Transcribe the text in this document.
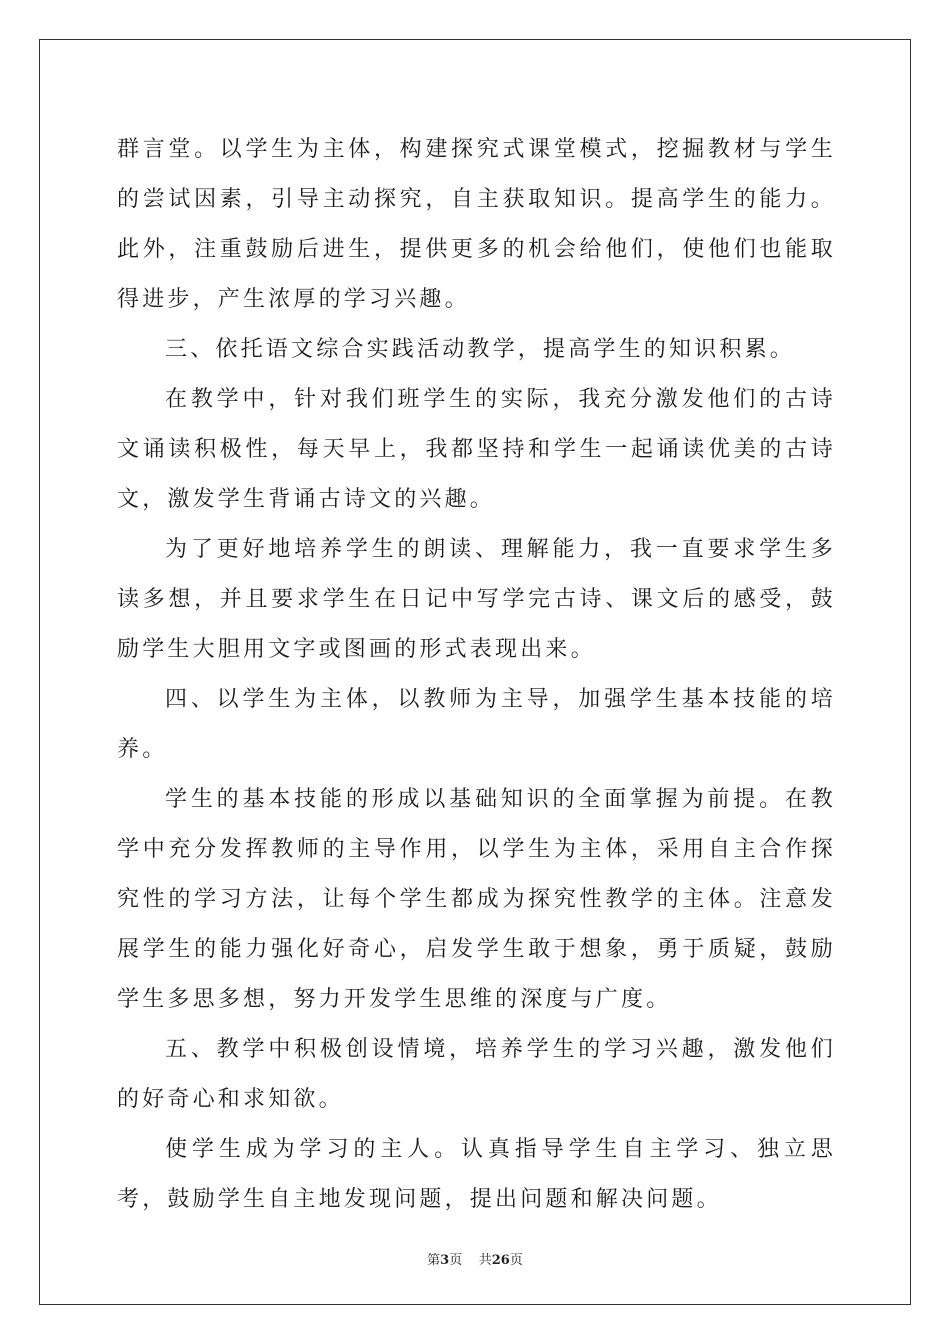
群言堂。以学生为主体，构建探究式课堂模式，挖掘教材与学生的尝试因素，引导主动探究，自主获取知识。提高学生的能力。此外，注重鼓励后进生，提供更多的机会给他们，使他们也能取得进步，产生浓厚的学习兴趣。

三、依托语文综合实践活动教学，提高学生的知识积累。

在教学中，针对我们班学生的实际，我充分激发他们的古诗文诵读积极性，每天早上，我都坚持和学生一起诵读优美的古诗文，激发学生背诵古诗文的兴趣。

为了更好地培养学生的朗读、理解能力，我一直要求学生多读多想，并且要求学生在日记中写学完古诗、课文后的感受，鼓励学生大胆用文字或图画的形式表现出来。

四、以学生为主体，以教师为主导，加强学生基本技能的培养。

学生的基本技能的形成以基础知识的全面掌握为前提。在教学中充分发挥教师的主导作用，以学生为主体，采用自主合作探究性的学习方法，让每个学生都成为探究性教学的主体。注意发展学生的能力强化好奇心，启发学生敢于想象，勇于质疑，鼓励学生多思多想，努力开发学生思维的深度与广度。

五、教学中积极创设情境，培养学生的学习兴趣，激发他们的好奇心和求知欲。

使学生成为学习的主人。认真指导学生自主学习、独立思考，鼓励学生自主地发现问题，提出问题和解决问题。

第3页 共26页
